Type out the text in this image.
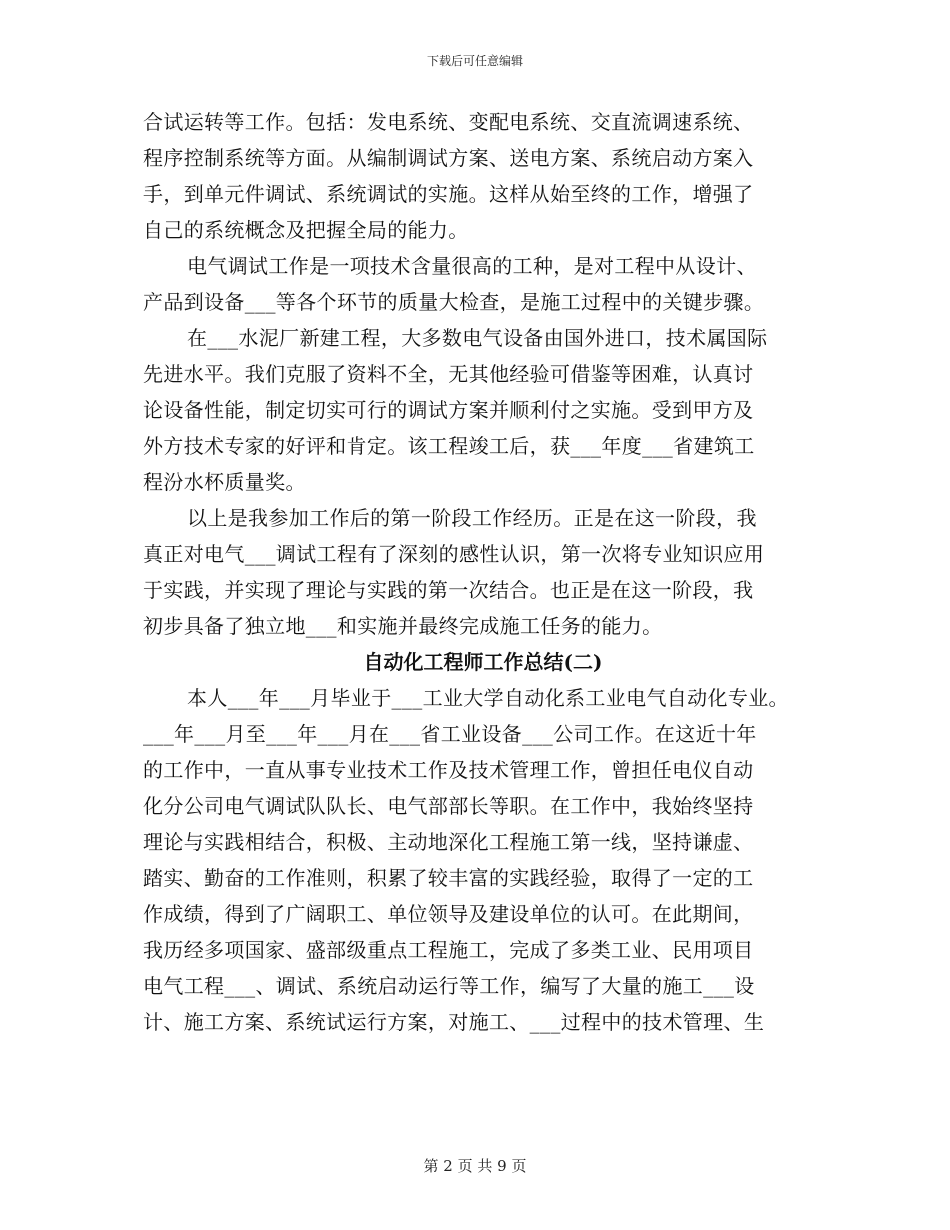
下载后可任意编辑
合试运转等工作。包括：发电系统、变配电系统、交直流调速系统、
程序控制系统等方面。从编制调试方案、送电方案、系统启动方案入
手，到单元件调试、系统调试的实施。这样从始至终的工作，增强了
自己的系统概念及把握全局的能力。
电气调试工作是一项技术含量很高的工种，是对工程中从设计、
产品到设备___等各个环节的质量大检查，是施工过程中的关键步骤。
在___水泥厂新建工程，大多数电气设备由国外进口，技术属国际
先进水平。我们克服了资料不全，无其他经验可借鉴等困难，认真讨
论设备性能，制定切实可行的调试方案并顺利付之实施。受到甲方及
外方技术专家的好评和肯定。该工程竣工后，获___年度___省建筑工
程汾水杯质量奖。
以上是我参加工作后的第一阶段工作经历。正是在这一阶段，我
真正对电气___调试工程有了深刻的感性认识，第一次将专业知识应用
于实践，并实现了理论与实践的第一次结合。也正是在这一阶段，我
初步具备了独立地___和实施并最终完成施工任务的能力。
自动化工程师工作总结(二)
本人___年___月毕业于___工业大学自动化系工业电气自动化专业。
___年___月至___年___月在___省工业设备___公司工作。在这近十年
的工作中，一直从事专业技术工作及技术管理工作，曾担任电仪自动
化分公司电气调试队队长、电气部部长等职。在工作中，我始终坚持
理论与实践相结合，积极、主动地深化工程施工第一线，坚持谦虚、
踏实、勤奋的工作准则，积累了较丰富的实践经验，取得了一定的工
作成绩，得到了广阔职工、单位领导及建设单位的认可。在此期间，
我历经多项国家、盛部级重点工程施工，完成了多类工业、民用项目
电气工程___、调试、系统启动运行等工作，编写了大量的施工___设
计、施工方案、系统试运行方案，对施工、___过程中的技术管理、生
第 2 页 共 9 页
